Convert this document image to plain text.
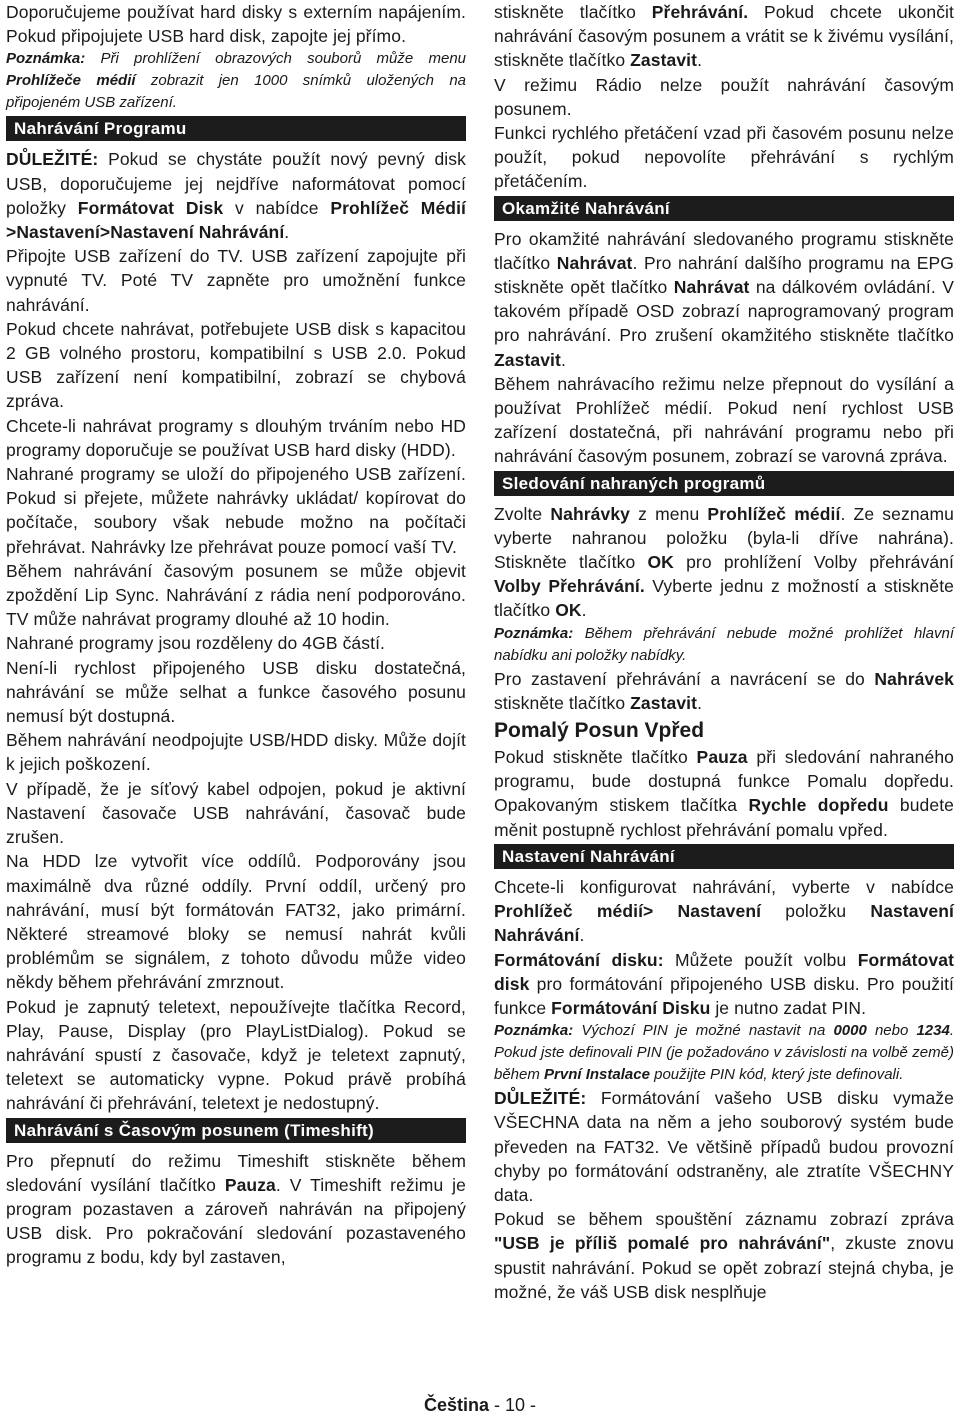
Doporučujeme používat hard disky s externím napájením. Pokud připojujete USB hard disk, zapojte jej přímo.

Poznámka: Při prohlížení obrazových souborů může menu Prohlížeče médií zobrazit jen 1000 snímků uložených na připojeném USB zařízení.

Nahrávání Programu

DŮLEŽITÉ: Pokud se chystáte použít nový pevný disk USB, doporučujeme jej nejdříve naformátovat pomocí položky Formátovat Disk v nabídce Prohlížeč Médií >Nastavení>Nastavení Nahrávání.

Připojte USB zařízení do TV. USB zařízení zapojujte při vypnuté TV. Poté TV zapněte pro umožnění funkce nahrávání.

Pokud chcete nahrávat, potřebujete USB disk s kapacitou 2 GB volného prostoru, kompatibilní s USB 2.0. Pokud USB zařízení není kompatibilní, zobrazí se chybová zpráva.

Chcete-li nahrávat programy s dlouhým trváním nebo HD programy doporučuje se používat USB hard disky (HDD).

Nahrané programy se uloží do připojeného USB zařízení. Pokud si přejete, můžete nahrávky ukládat/ kopírovat do počítače, soubory však nebude možno na počítači přehrávat. Nahrávky lze přehrávat pouze pomocí vaší TV.

Během nahrávání časovým posunem se může objevit zpoždění Lip Sync. Nahrávání z rádia není podporováno. TV může nahrávat programy dlouhé až 10 hodin.

Nahrané programy jsou rozděleny do 4GB částí.

Není-li rychlost připojeného USB disku dostatečná, nahrávání se může selhat a funkce časového posunu nemusí být dostupná.

Během nahrávání neodpojujte USB/HDD disky. Může dojít k jejich poškození.

V případě, že je síťový kabel odpojen, pokud je aktivní Nastavení časovače USB nahrávání, časovač bude zrušen.

Na HDD lze vytvořit více oddílů. Podporovány jsou maximálně dva různé oddíly. První oddíl, určený pro nahrávání, musí být formátován FAT32, jako primární. Některé streamové bloky se nemusí nahrát kvůli problémům se signálem, z tohoto důvodu může video někdy během přehrávání zmrznout.

Pokud je zapnutý teletext, nepoužívejte tlačítka Record, Play, Pause, Display (pro PlayListDialog). Pokud se nahrávání spustí z časovače, když je teletext zapnutý, teletext se automaticky vypne. Pokud právě probíhá nahrávání či přehrávání, teletext je nedostupný.

Nahrávání s Časovým posunem (Timeshift)

Pro přepnutí do režimu Timeshift stiskněte během sledování vysílání tlačítko Pauza. V Timeshift režimu je program pozastaven a zároveň nahráván na připojený USB disk. Pro pokračování sledování pozastaveného programu z bodu, kdy byl zastaven,

stiskněte tlačítko Přehrávání. Pokud chcete ukončit nahrávání časovým posunem a vrátit se k živému vysílání, stiskněte tlačítko Zastavit.

V režimu Rádio nelze použít nahrávání časovým posunem.

Funkci rychlého přetáčení vzad při časovém posunu nelze použít, pokud nepovolíte přehrávání s rychlým přetáčením.

Okamžité Nahrávání

Pro okamžité nahrávání sledovaného programu stiskněte tlačítko Nahrávat. Pro nahrání dalšího programu na EPG stiskněte opět tlačítko Nahrávat na dálkovém ovládání. V takovém případě OSD zobrazí naprogramovaný program pro nahrávání. Pro zrušení okamžitého stiskněte tlačítko Zastavit.

Během nahrávacího režimu nelze přepnout do vysílání a používat Prohlížeč médií. Pokud není rychlost USB zařízení dostatečná, při nahrávání programu nebo při nahrávání časovým posunem, zobrazí se varovná zpráva.

Sledování nahraných programů

Zvolte Nahrávky z menu Prohlížeč médií. Ze seznamu vyberte nahranou položku (byla-li dříve nahrána). Stiskněte tlačítko OK pro prohlížení Volby přehrávání Volby Přehrávání. Vyberte jednu z možností a stiskněte tlačítko OK.

Poznámka: Během přehrávání nebude možné prohlížet hlavní nabídku ani položky nabídky.

Pro zastavení přehrávání a navrácení se do Nahrávek stiskněte tlačítko Zastavit.

Pomalý Posun Vpřed

Pokud stiskněte tlačítko Pauza při sledování nahraného programu, bude dostupná funkce Pomalu dopředu. Opakovaným stiskem tlačítka Rychle dopředu budete měnit postupně rychlost přehrávání pomalu vpřed.

Nastavení Nahrávání

Chcete-li konfigurovat nahrávání, vyberte v nabídce Prohlížeč médií> Nastavení položku Nastavení Nahrávání.

Formátování disku: Můžete použít volbu Formátovat disk pro formátování připojeného USB disku. Pro použití funkce Formátování Disku je nutno zadat PIN.

Poznámka: Výchozí PIN je možné nastavit na 0000 nebo 1234. Pokud jste definovali PIN (je požadováno v závislosti na volbě země) během První Instalace použijte PIN kód, který jste definovali.

DŮLEŽITÉ: Formátování vašeho USB disku vymaže VŠECHNA data na něm a jeho souborový systém bude převeden na FAT32. Ve většině případů budou provozní chyby po formátování odstraněny, ale ztratíte VŠECHNY data.

Pokud se během spouštění záznamu zobrazí zpráva "USB je příliš pomalé pro nahrávání", zkuste znovu spustit nahrávání. Pokud se opět zobrazí stejná chyba, je možné, že váš USB disk nesplňuje

Čeština - 10 -
